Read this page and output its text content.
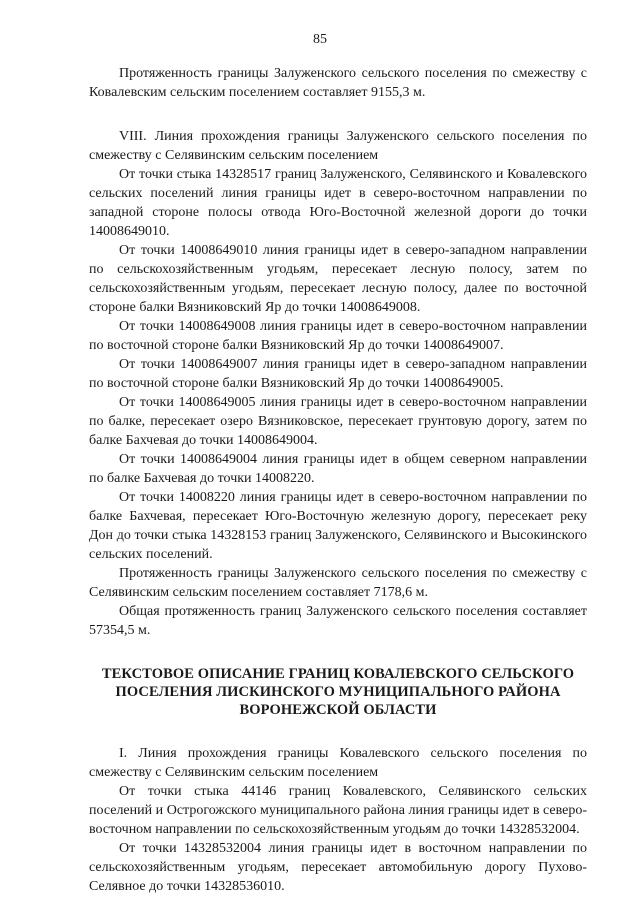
85

Протяженность границы Залуженского сельского поселения по смежеству с Ковалевским сельским поселением составляет 9155,3 м.

VIII. Линия прохождения границы Залуженского сельского поселения по смежеству с Селявинским сельским поселением

От точки стыка 14328517 границ Залуженского, Селявинского и Ковалевского сельских поселений линия границы идет в северо-восточном направлении по западной стороне полосы отвода Юго-Восточной железной дороги до точки 14008649010.

От точки 14008649010 линия границы идет в северо-западном направлении по сельскохозяйственным угодьям, пересекает лесную полосу, затем по сельскохозяйственным угодьям, пересекает лесную полосу, далее по восточной стороне балки Вязниковский Яр до точки 14008649008.

От точки 14008649008 линия границы идет в северо-восточном направлении по восточной стороне балки Вязниковский Яр до точки 14008649007.

От точки 14008649007 линия границы идет в северо-западном направлении по восточной стороне балки Вязниковский Яр до точки 14008649005.

От точки 14008649005 линия границы идет в северо-восточном направлении по балке, пересекает озеро Вязниковское, пересекает грунтовую дорогу, затем по балке Бахчевая до точки 14008649004.

От точки 14008649004 линия границы идет в общем северном направлении по балке Бахчевая до точки 14008220.

От точки 14008220 линия границы идет в северо-восточном направлении по балке Бахчевая, пересекает Юго-Восточную железную дорогу, пересекает реку Дон до точки стыка 14328153 границ Залуженского, Селявинского и Высокинского сельских поселений.

Протяженность границы Залуженского сельского поселения по смежеству с Селявинским сельским поселением составляет 7178,6 м.

Общая протяженность границ Залуженского сельского поселения составляет 57354,5 м.

ТЕКСТОВОЕ ОПИСАНИЕ ГРАНИЦ КОВАЛЕВСКОГО СЕЛЬСКОГО ПОСЕЛЕНИЯ ЛИСКИНСКОГО МУНИЦИПАЛЬНОГО РАЙОНА ВОРОНЕЖСКОЙ ОБЛАСТИ

I. Линия прохождения границы Ковалевского сельского поселения по смежеству с Селявинским сельским поселением

От точки стыка 44146 границ Ковалевского, Селявинского сельских поселений и Острогожского муниципального района линия границы идет в северо-восточном направлении по сельскохозяйственным угодьям до точки 14328532004.

От точки 14328532004 линия границы идет в восточном направлении по сельскохозяйственным угодьям, пересекает автомобильную дорогу Пухово-Селявное до точки 14328536010.
